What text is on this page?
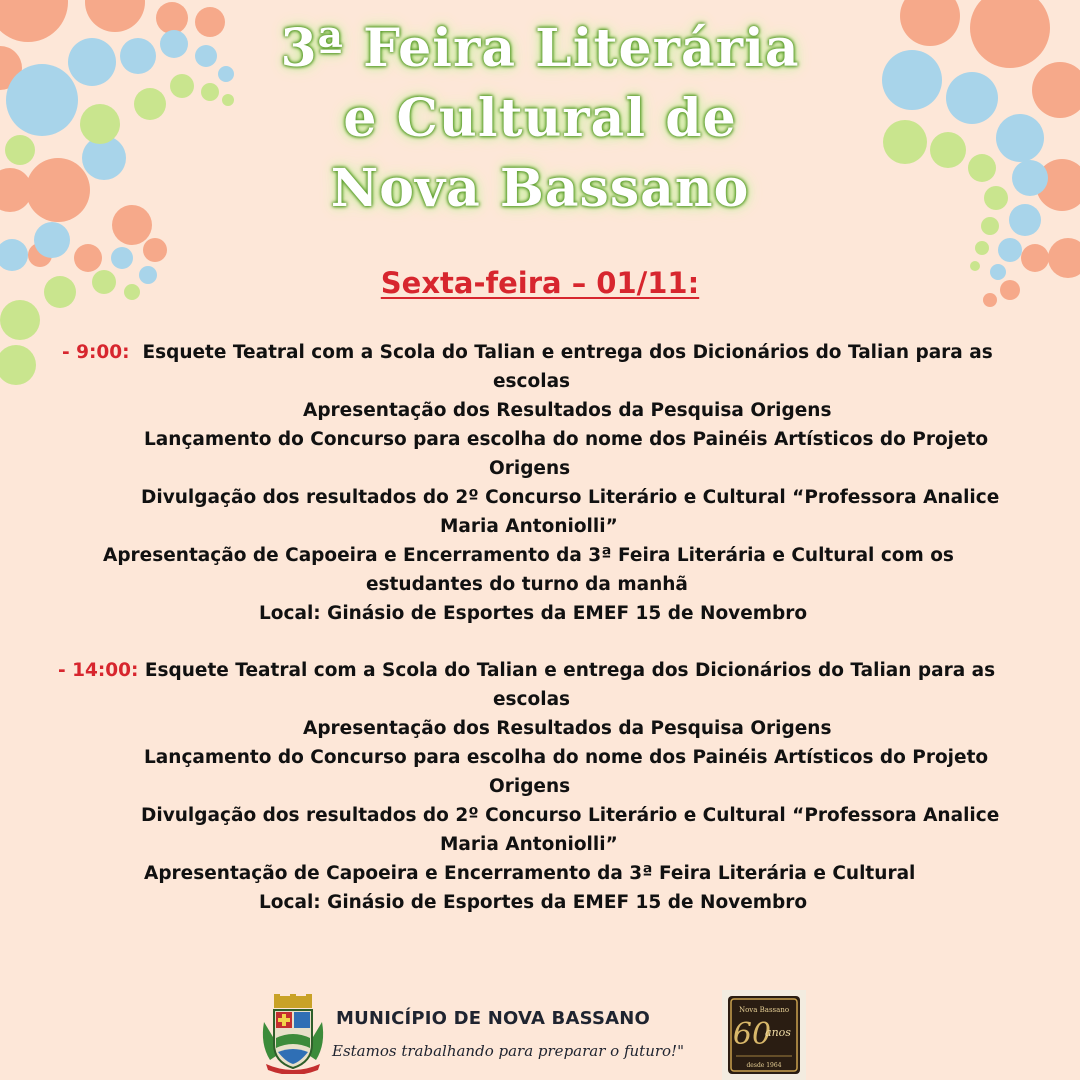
3ª Feira Literária
e Cultural de
Nova Bassano
Sexta-feira – 01/11:
- 9:00: Esquete Teatral com a Scola do Talian e entrega dos Dicionários do Talian para as
escolas
Apresentação dos Resultados da Pesquisa Origens
Lançamento do Concurso para escolha do nome dos Painéis Artísticos do Projeto
Origens
Divulgação dos resultados do 2º Concurso Literário e Cultural “Professora Analice
Maria Antoniolli”
Apresentação de Capoeira e Encerramento da 3ª Feira Literária e Cultural com os
estudantes do turno da manhã
Local: Ginásio de Esportes da EMEF 15 de Novembro
- 14:00: Esquete Teatral com a Scola do Talian e entrega dos Dicionários do Talian para as
escolas
Apresentação dos Resultados da Pesquisa Origens
Lançamento do Concurso para escolha do nome dos Painéis Artísticos do Projeto
Origens
Divulgação dos resultados do 2º Concurso Literário e Cultural “Professora Analice
Maria Antoniolli”
Apresentação de Capoeira e Encerramento da 3ª Feira Literária e Cultural
Local: Ginásio de Esportes da EMEF 15 de Novembro
MUNICÍPIO DE NOVA BASSANO
Estamos trabalhando para preparar o futuro!"
Nova Bassano
60
anos
desde 1964
